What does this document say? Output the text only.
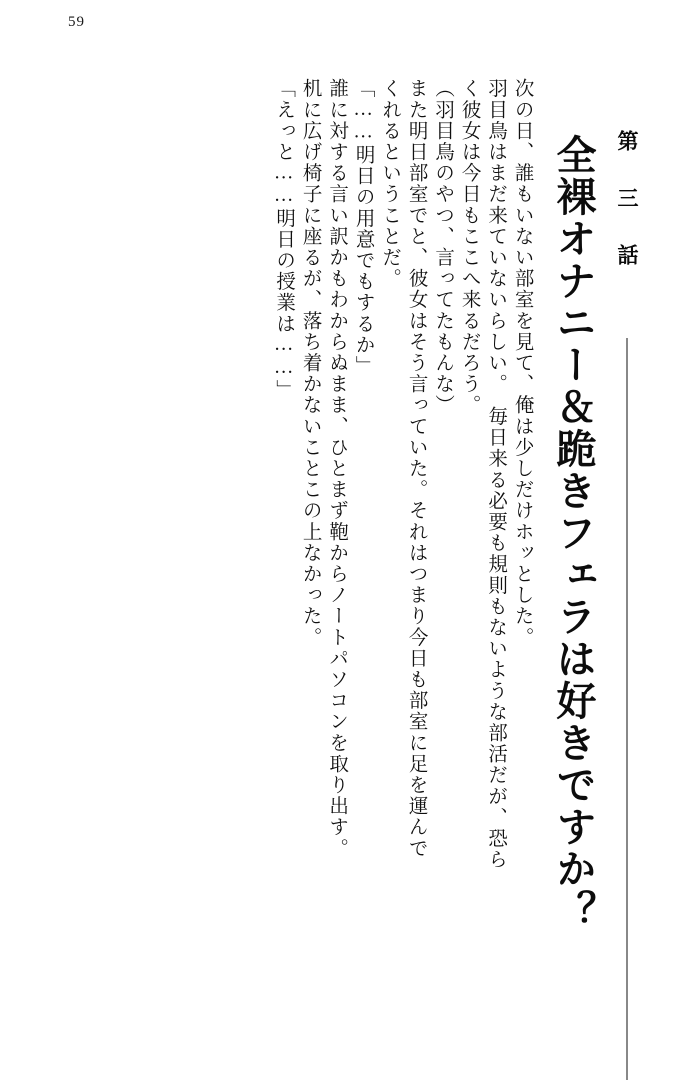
59
第 三 話
全裸オナニー＆跪きフェラは好きですか？
次の日、誰もいない部室を見て、俺は少しだけホッとした。
羽目鳥はまだ来ていないらしい。　毎日来る必要も規則もないような部活だが、恐ら
く彼女は今日もここへ来るだろう。
（羽目鳥のやつ、言ってたもんな）
また明日部室でと、彼女はそう言っていた。それはつまり今日も部室に足を運んで
くれるということだ。
「……明日の用意でもするか」
誰に対する言い訳かもわからぬまま、ひとまず鞄からノートパソコンを取り出す。
机に広げ椅子に座るが、落ち着かないことこの上なかった。
「えっと……明日の授業は……」
